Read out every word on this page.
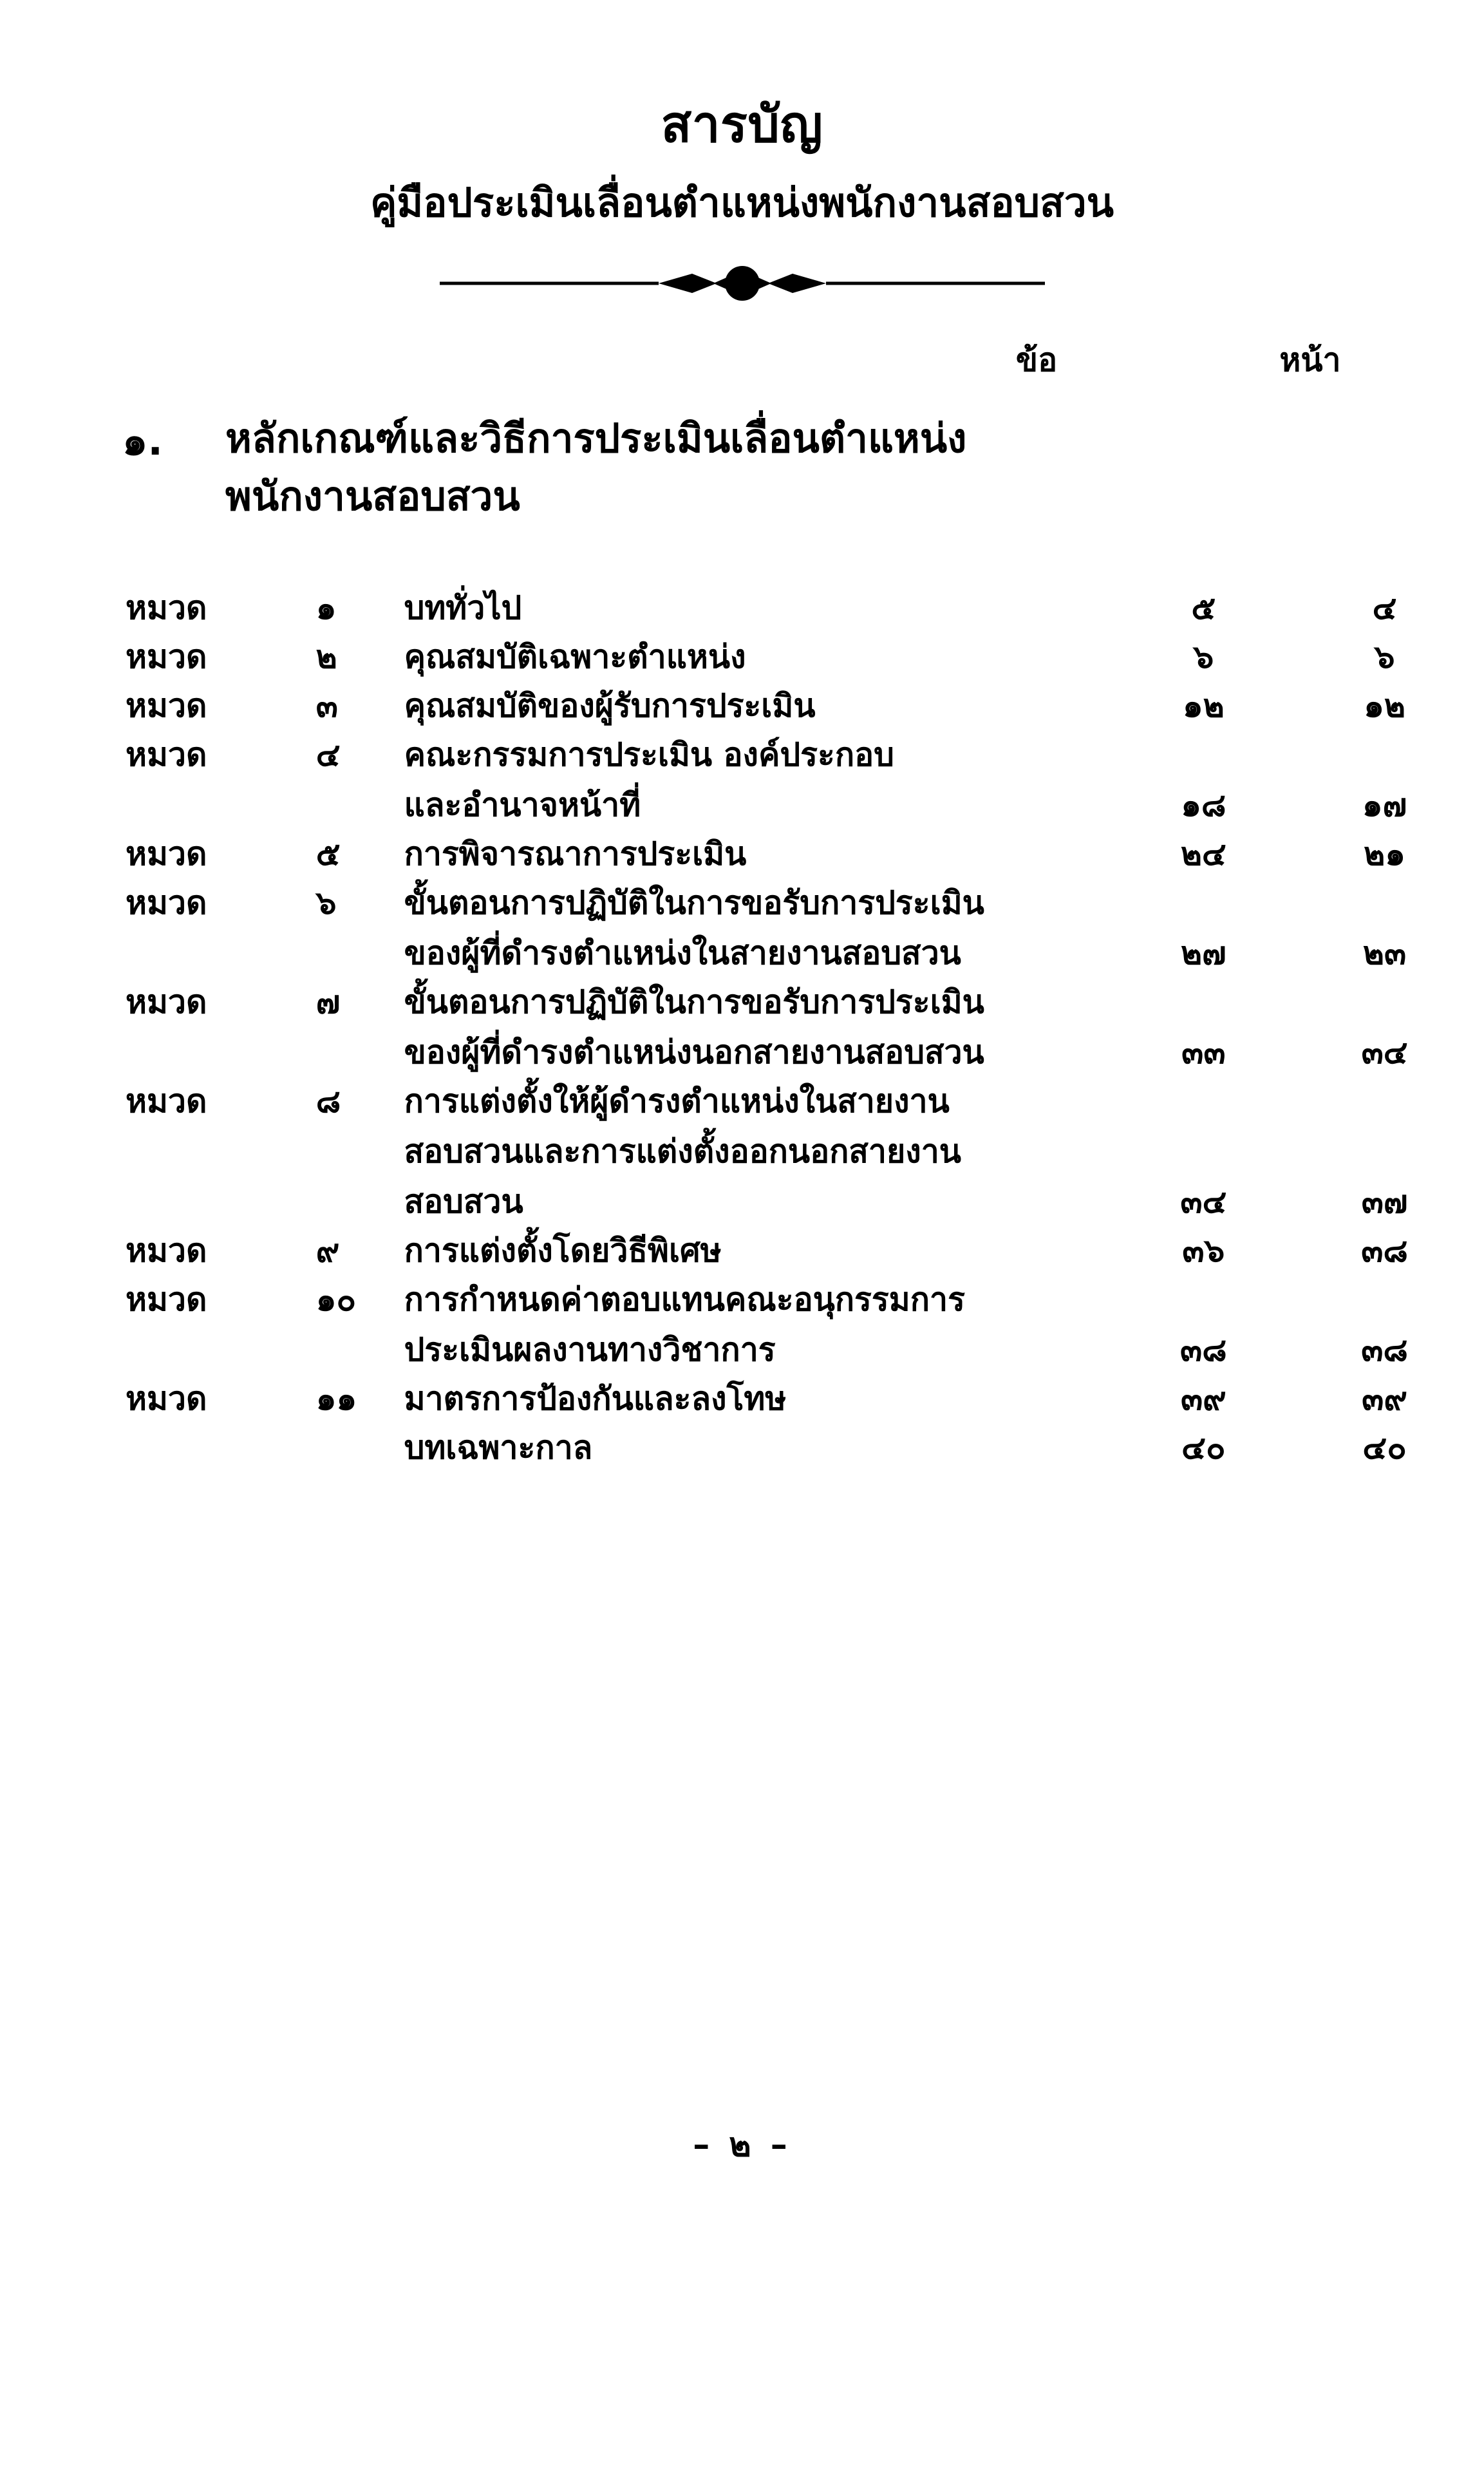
สารบัญ
คู่มือประเมินเลื่อนตำแหน่งพนักงานสอบสวน
ข้อ	หน้า
๑. หลักเกณฑ์และวิธีการประเมินเลื่อนตำแหน่ง
พนักงานสอบสวน
หมวด	๑	บททั่วไป	๕	๔
หมวด	๒	คุณสมบัติเฉพาะตำแหน่ง	๖	๖
หมวด	๓	คุณสมบัติของผู้รับการประเมิน	๑๒	๑๒
หมวด	๔	คณะกรรมการประเมิน องค์ประกอบ		
		และอำนาจหน้าที่	๑๘	๑๗
หมวด	๕	การพิจารณาการประเมิน	๒๔	๒๑
หมวด	๖	ขั้นตอนการปฏิบัติในการขอรับการประเมิน		
		ของผู้ที่ดำรงตำแหน่งในสายงานสอบสวน	๒๗	๒๓
หมวด	๗	ขั้นตอนการปฏิบัติในการขอรับการประเมิน		
		ของผู้ที่ดำรงตำแหน่งนอกสายงานสอบสวน	๓๓	๓๔
หมวด	๘	การแต่งตั้งให้ผู้ดำรงตำแหน่งในสายงาน		
		สอบสวนและการแต่งตั้งออกนอกสายงาน		
		สอบสวน	๓๔	๓๗
หมวด	๙	การแต่งตั้งโดยวิธีพิเศษ	๓๖	๓๘
หมวด	๑๐	การกำหนดค่าตอบแทนคณะอนุกรรมการ		
		ประเมินผลงานทางวิชาการ	๓๘	๓๘
หมวด	๑๑	มาตรการป้องกันและลงโทษ	๓๙	๓๙
		บทเฉพาะกาล	๔๐	๔๐
– ๒ –
